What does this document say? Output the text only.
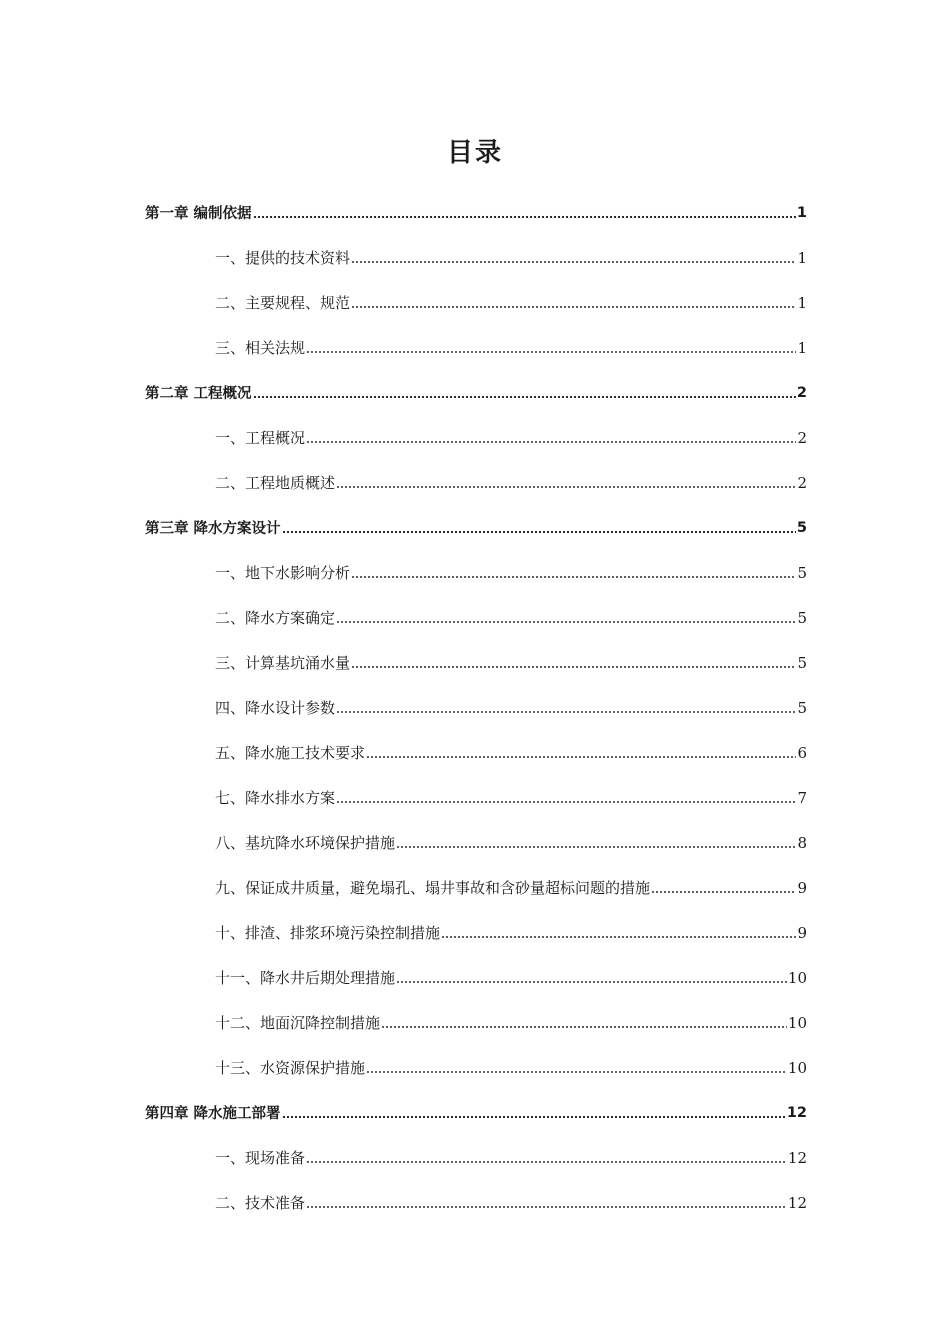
目录
第一章 编制依据	1
一、提供的技术资料	1
二、主要规程、规范	1
三、相关法规	1
第二章 工程概况	2
一、工程概况	2
二、工程地质概述	2
第三章 降水方案设计	5
一、地下水影响分析	5
二、降水方案确定	5
三、计算基坑涌水量	5
四、降水设计参数	5
五、降水施工技术要求	6
七、降水排水方案	7
八、基坑降水环境保护措施	8
九、保证成井质量，避免塌孔、塌井事故和含砂量超标问题的措施	9
十、排渣、排浆环境污染控制措施	9
十一、降水井后期处理措施	10
十二、地面沉降控制措施	10
十三、水资源保护措施	10
第四章 降水施工部署	12
一、现场准备	12
二、技术准备	12
